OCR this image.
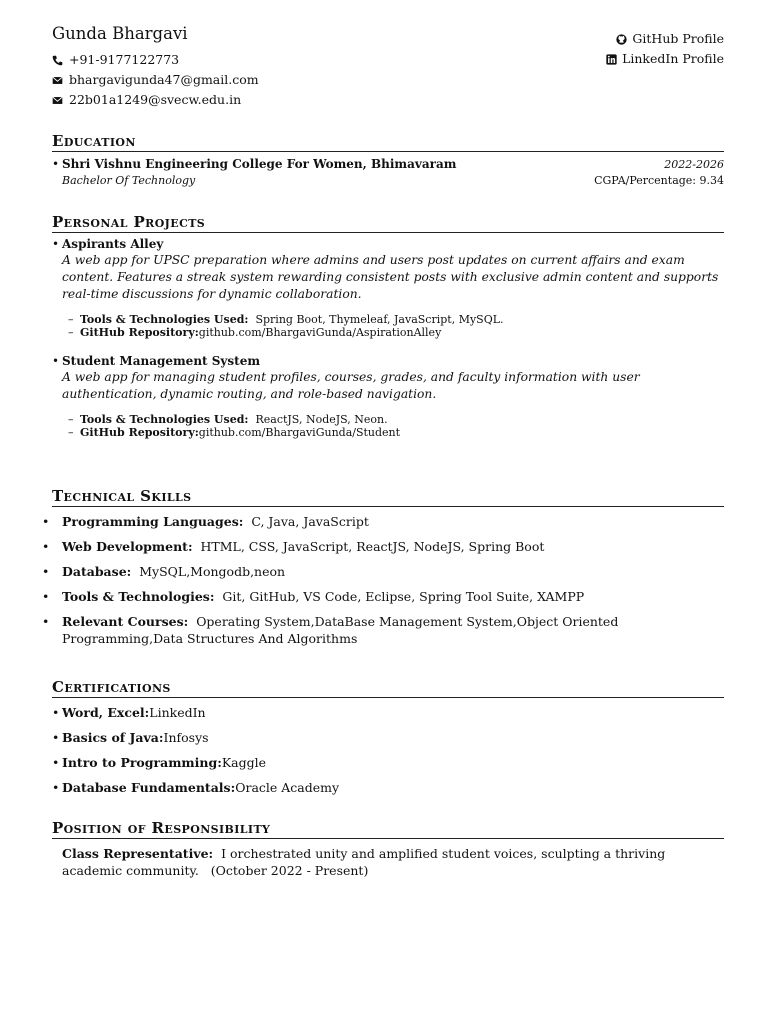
Gunda Bhargavi
+91-9177122773
bhargavigunda47@gmail.com
22b01a1249@svecw.edu.in
GitHub Profile
LinkedIn Profile
Education
• Shri Vishnu Engineering College For Women, Bhimavaram	2022-2026
Bachelor Of Technology	CGPA/Percentage: 9.34
Personal Projects
• Aspirants Alley
A web app for UPSC preparation where admins and users post updates on current affairs and exam content. Features a streak system rewarding consistent posts with exclusive admin content and supports real-time discussions for dynamic collaboration.
– Tools & Technologies Used: Spring Boot, Thymeleaf, JavaScript, MySQL.
– GitHub Repository:github.com/BhargaviGunda/AspirationAlley
• Student Management System
A web app for managing student profiles, courses, grades, and faculty information with user authentication, dynamic routing, and role-based navigation.
– Tools & Technologies Used: ReactJS, NodeJS, Neon.
– GitHub Repository:github.com/BhargaviGunda/Student
Technical Skills
• Programming Languages: C, Java, JavaScript
• Web Development: HTML, CSS, JavaScript, ReactJS, NodeJS, Spring Boot
• Database: MySQL,Mongodb,neon
• Tools & Technologies: Git, GitHub, VS Code, Eclipse, Spring Tool Suite, XAMPP
• Relevant Courses: Operating System,DataBase Management System,Object Oriented Programming,Data Structures And Algorithms
Certifications
• Word, Excel:LinkedIn
• Basics of Java:Infosys
• Intro to Programming:Kaggle
• Database Fundamentals:Oracle Academy
Position of Responsibility
Class Representative: I orchestrated unity and amplified student voices, sculpting a thriving academic community. (October 2022 - Present)
